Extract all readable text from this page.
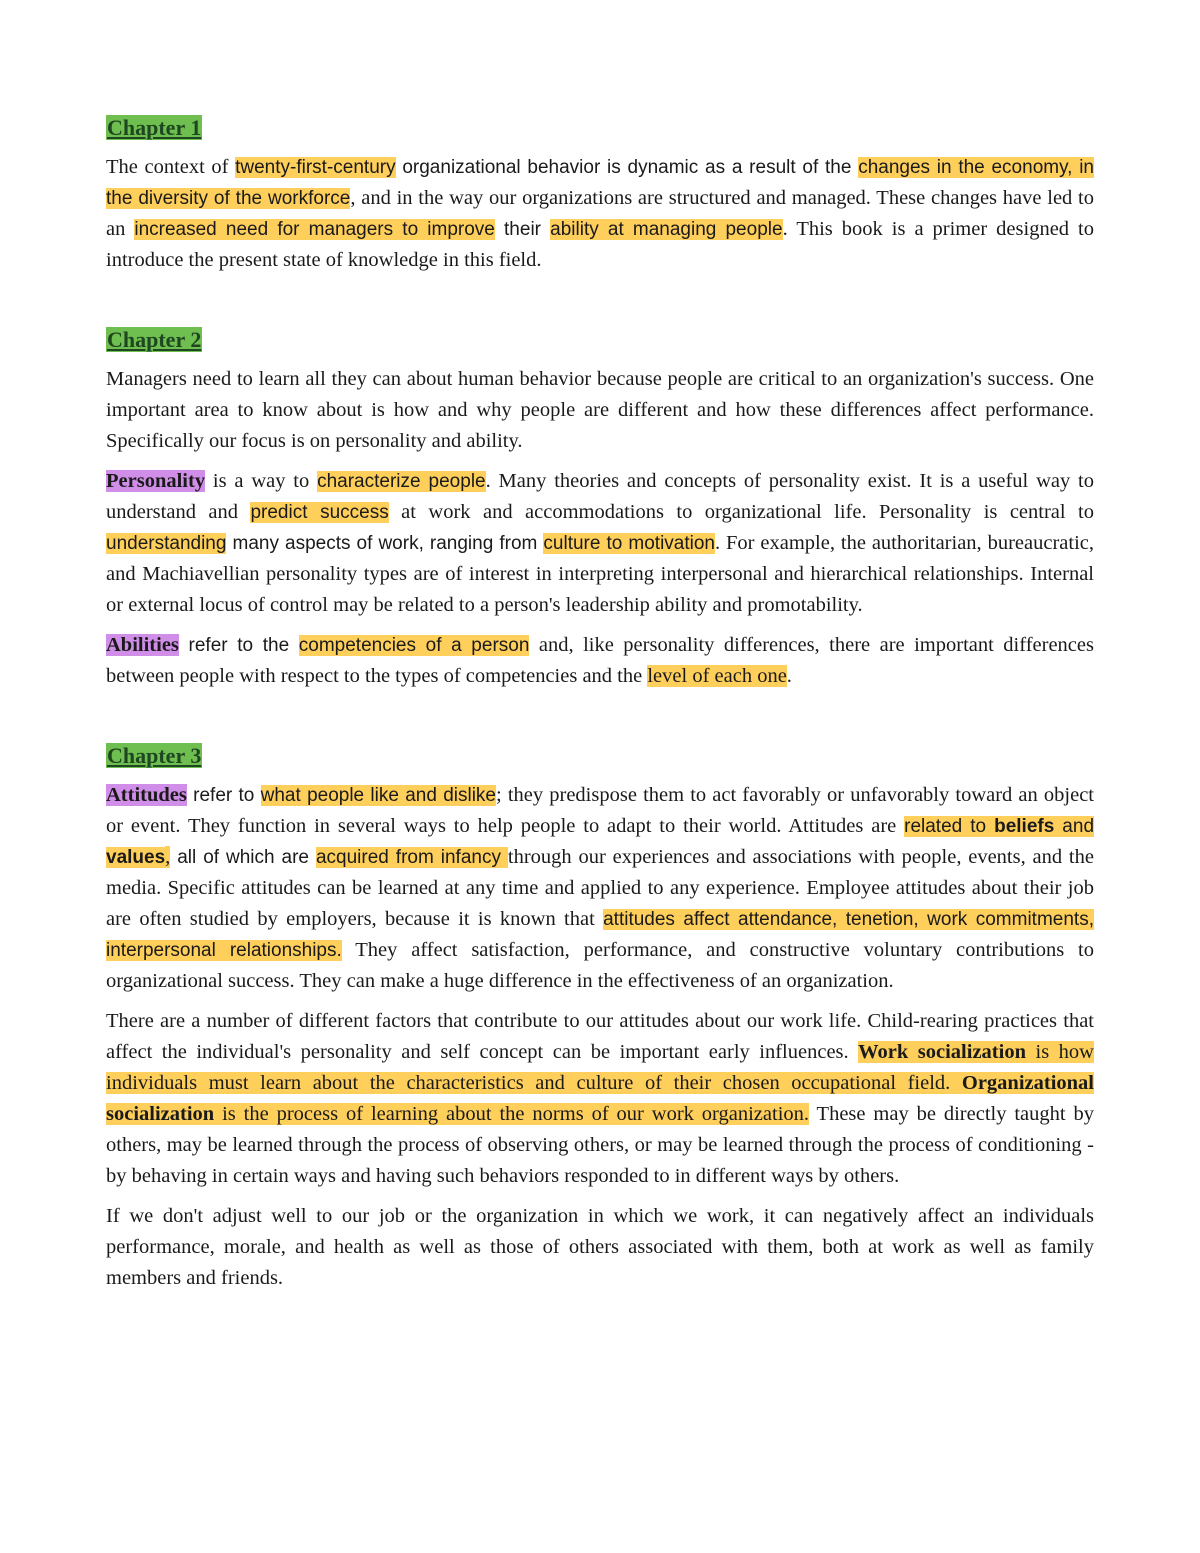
Chapter 1

The context of twenty-first-century organizational behavior is dynamic as a result of the changes in the economy, in the diversity of the workforce, and in the way our organizations are structured and managed. These changes have led to an increased need for managers to improve their ability at managing people. This book is a primer designed to introduce the present state of knowledge in this field.

Chapter 2

Managers need to learn all they can about human behavior because people are critical to an organization's success. One important area to know about is how and why people are different and how these differences affect performance. Specifically our focus is on personality and ability.

Personality is a way to characterize people. Many theories and concepts of personality exist. It is a useful way to understand and predict success at work and accommodations to organizational life. Personality is central to understanding many aspects of work, ranging from culture to motivation. For example, the authoritarian, bureaucratic, and Machiavellian personality types are of interest in interpreting interpersonal and hierarchical relationships. Internal or external locus of control may be related to a person's leadership ability and promotability.

Abilities refer to the competencies of a person and, like personality differences, there are important differences between people with respect to the types of competencies and the level of each one.

Chapter 3

Attitudes refer to what people like and dislike; they predispose them to act favorably or unfavorably toward an object or event. They function in several ways to help people to adapt to their world. Attitudes are related to beliefs and values, all of which are acquired from infancy through our experiences and associations with people, events, and the media. Specific attitudes can be learned at any time and applied to any experience. Employee attitudes about their job are often studied by employers, because it is known that attitudes affect attendance, tenetion, work commitments, interpersonal relationships. They affect satisfaction, performance, and constructive voluntary contributions to organizational success. They can make a huge difference in the effectiveness of an organization.

There are a number of different factors that contribute to our attitudes about our work life. Child-rearing practices that affect the individual's personality and self concept can be important early influences. Work socialization is how individuals must learn about the characteristics and culture of their chosen occupational field. Organizational socialization is the process of learning about the norms of our work organization. These may be directly taught by others, may be learned through the process of observing others, or may be learned through the process of conditioning - by behaving in certain ways and having such behaviors responded to in different ways by others.

If we don't adjust well to our job or the organization in which we work, it can negatively affect an individuals performance, morale, and health as well as those of others associated with them, both at work as well as family members and friends.
